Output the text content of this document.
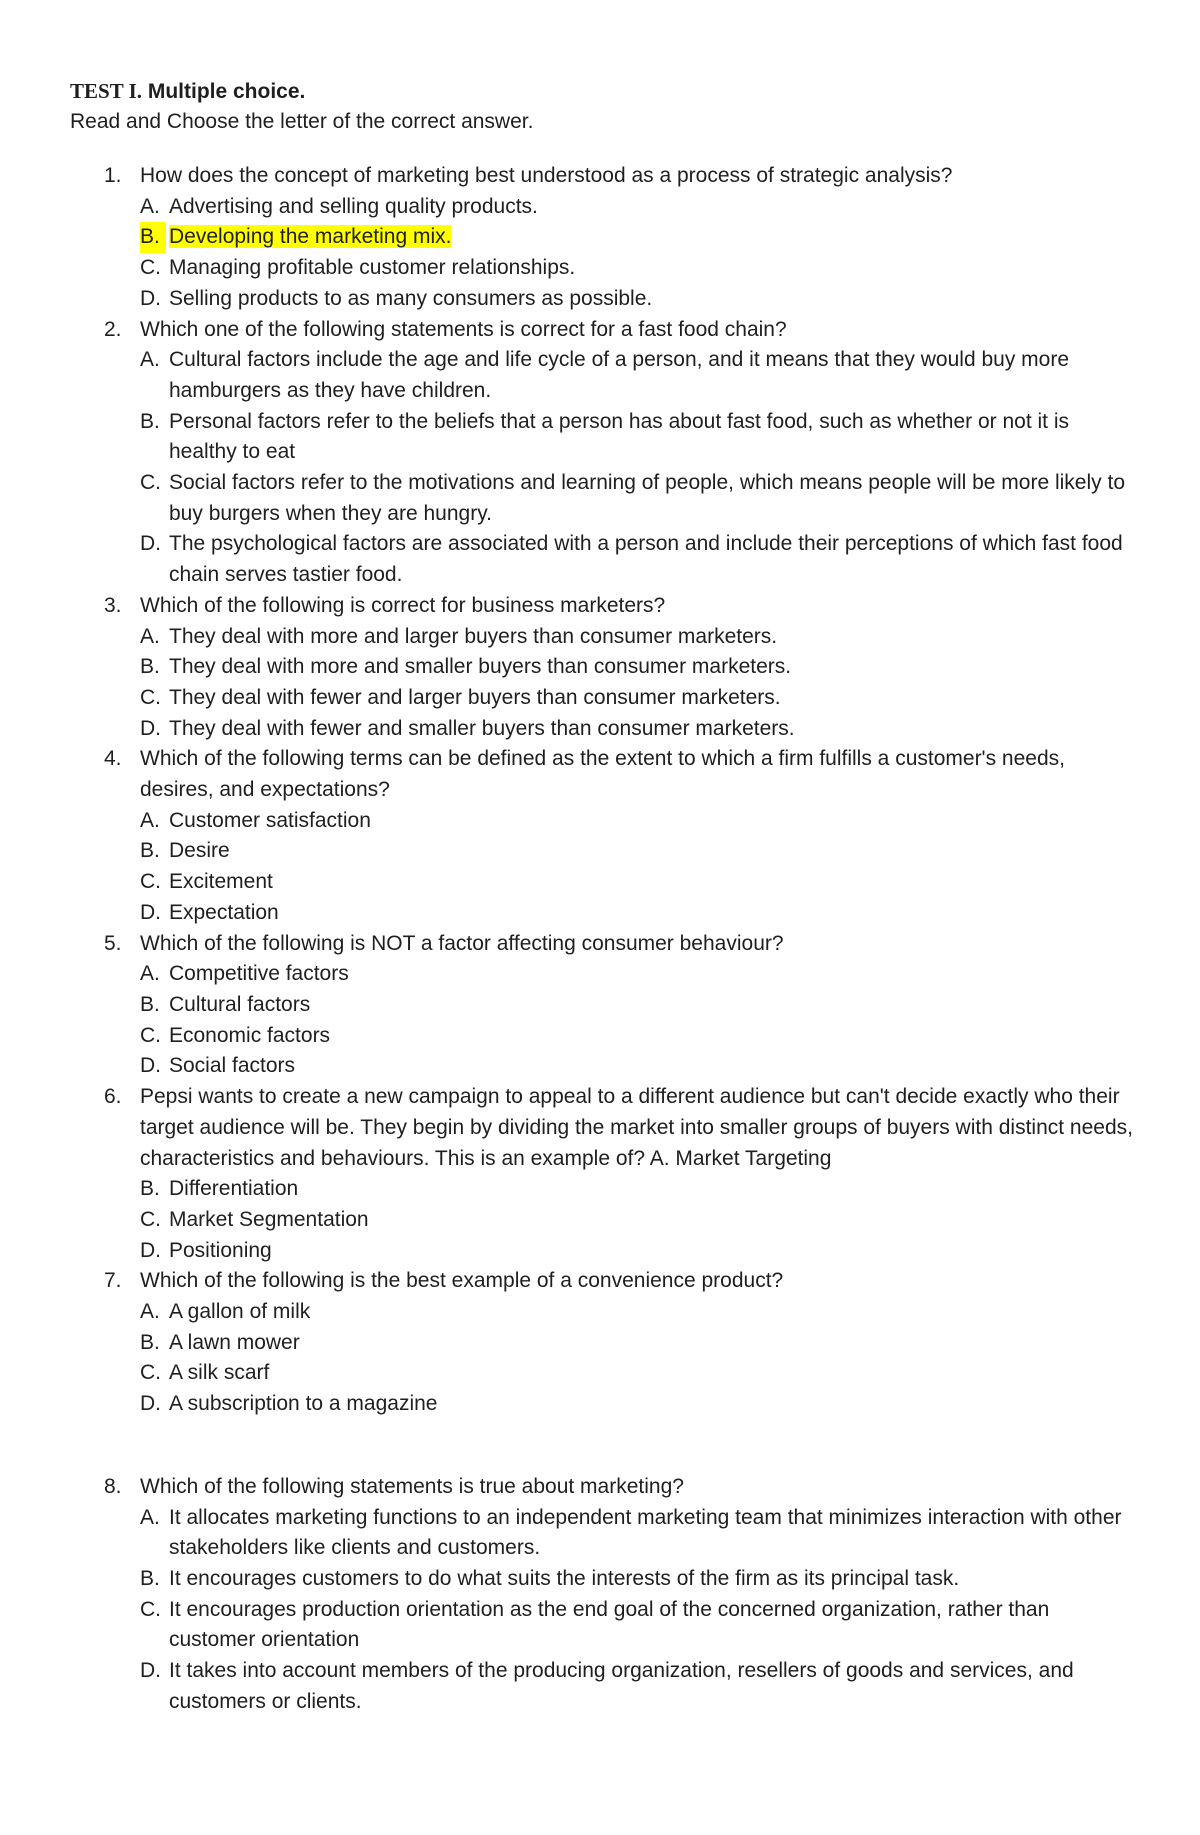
TEST I. Multiple choice.

Read and Choose the letter of the correct answer.

1. How does the concept of marketing best understood as a process of strategic analysis?
A. Advertising and selling quality products.
B. Developing the marketing mix.
C. Managing profitable customer relationships.
D. Selling products to as many consumers as possible.
2. Which one of the following statements is correct for a fast food chain?
A. Cultural factors include the age and life cycle of a person, and it means that they would buy more hamburgers as they have children.
B. Personal factors refer to the beliefs that a person has about fast food, such as whether or not it is healthy to eat
C. Social factors refer to the motivations and learning of people, which means people will be more likely to buy burgers when they are hungry.
D. The psychological factors are associated with a person and include their perceptions of which fast food chain serves tastier food.
3. Which of the following is correct for business marketers?
A. They deal with more and larger buyers than consumer marketers.
B. They deal with more and smaller buyers than consumer marketers.
C. They deal with fewer and larger buyers than consumer marketers.
D. They deal with fewer and smaller buyers than consumer marketers.
4. Which of the following terms can be defined as the extent to which a firm fulfills a customer's needs, desires, and expectations?
A. Customer satisfaction
B. Desire
C. Excitement
D. Expectation
5. Which of the following is NOT a factor affecting consumer behaviour?
A. Competitive factors
B. Cultural factors
C. Economic factors
D. Social factors
6. Pepsi wants to create a new campaign to appeal to a different audience but can't decide exactly who their target audience will be. They begin by dividing the market into smaller groups of buyers with distinct needs, characteristics and behaviours. This is an example of? A. Market Targeting
B. Differentiation
C. Market Segmentation
D. Positioning
7. Which of the following is the best example of a convenience product?
A. A gallon of milk
B. A lawn mower
C. A silk scarf
D. A subscription to a magazine
8. Which of the following statements is true about marketing?
A. It allocates marketing functions to an independent marketing team that minimizes interaction with other stakeholders like clients and customers.
B. It encourages customers to do what suits the interests of the firm as its principal task.
C. It encourages production orientation as the end goal of the concerned organization, rather than customer orientation
D. It takes into account members of the producing organization, resellers of goods and services, and customers or clients.
